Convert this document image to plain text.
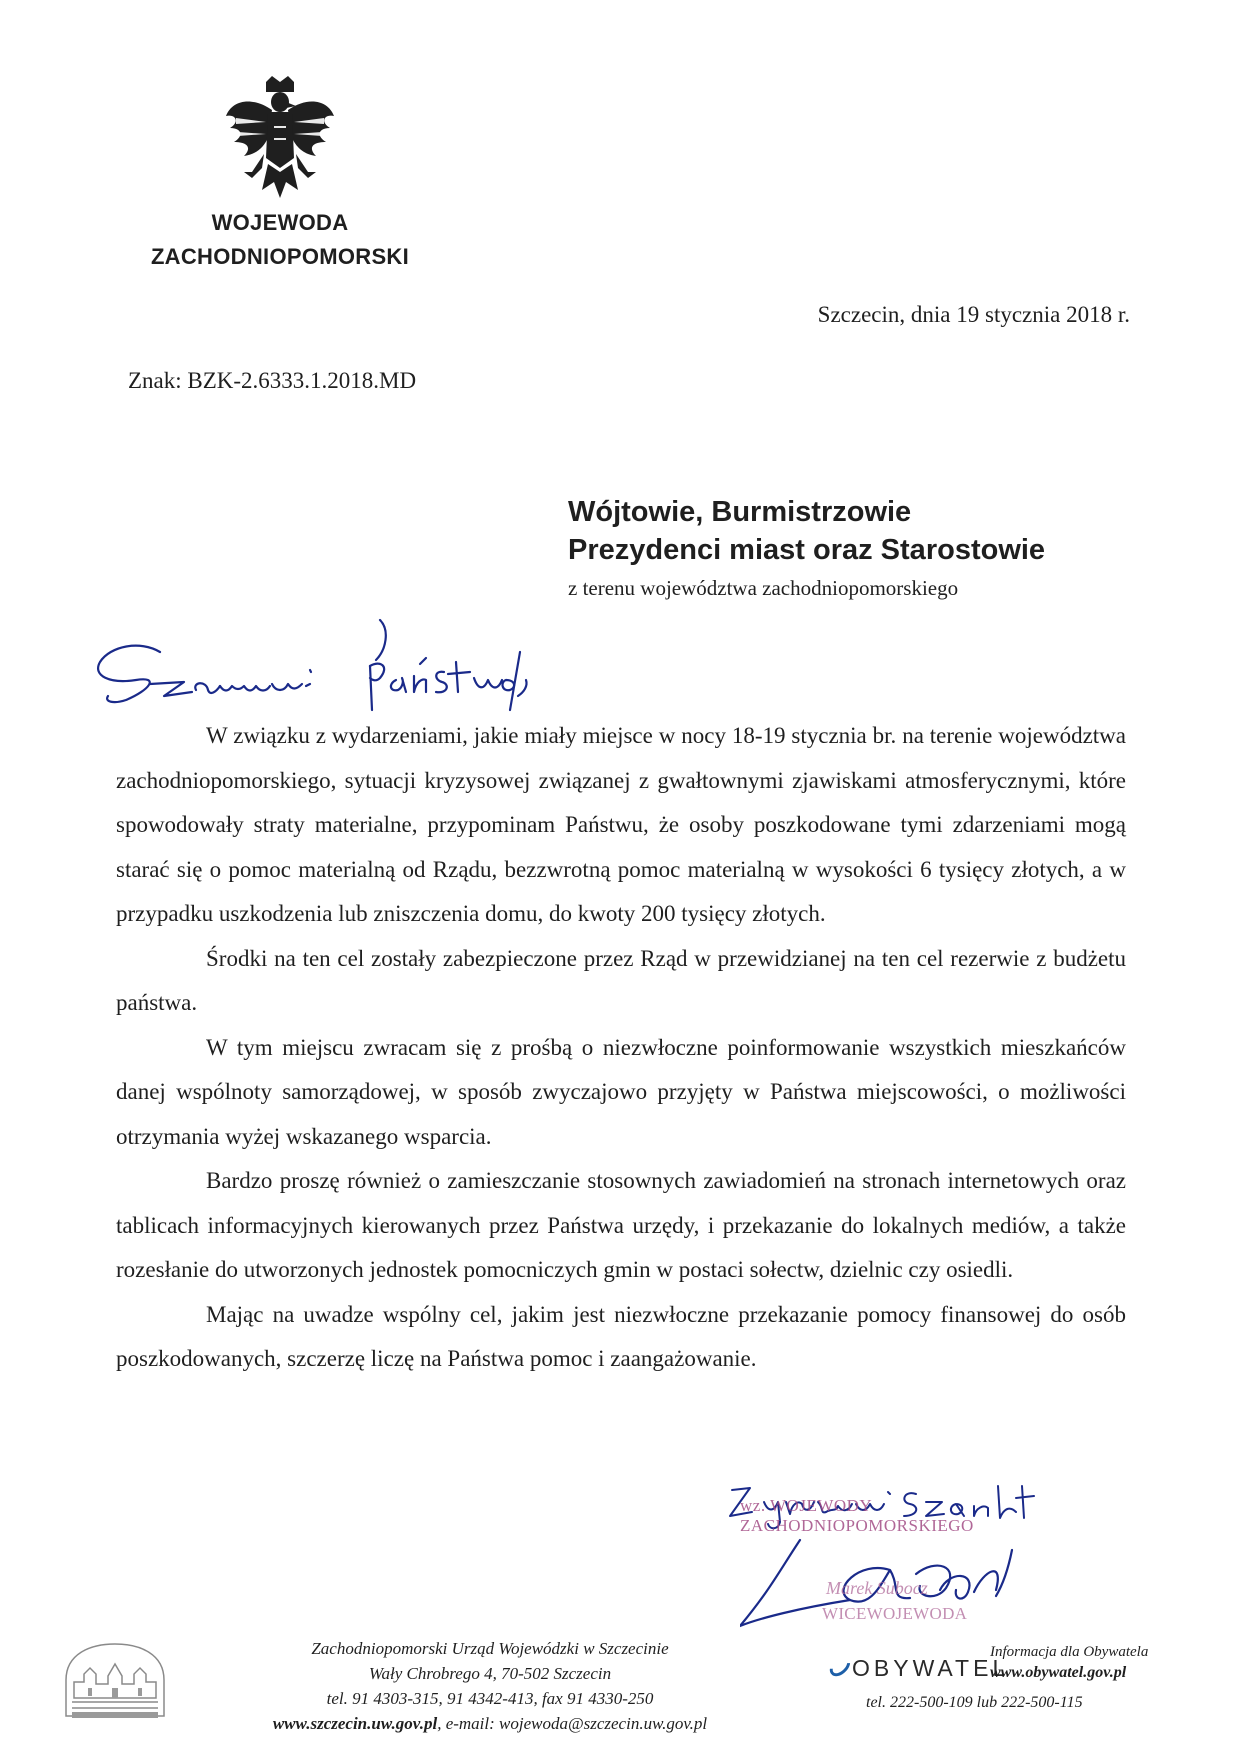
WOJEWODA
ZACHODNIOPOMORSKI
Szczecin, dnia 19 stycznia 2018 r.
Znak: BZK-2.6333.1.2018.MD
Wójtowie, Burmistrzowie
Prezydenci miast oraz Starostowie
z terenu województwa zachodniopomorskiego

W związku z wydarzeniami, jakie miały miejsce w nocy 18-19 stycznia br. na terenie województwa zachodniopomorskiego, sytuacji kryzysowej związanej z gwałtownymi zjawiskami atmosferycznymi, które spowodowały straty materialne, przypominam Państwu, że osoby poszkodowane tymi zdarzeniami mogą starać się o pomoc materialną od Rządu, bezzwrotną pomoc materialną w wysokości 6 tysięcy złotych, a w przypadku uszkodzenia lub zniszczenia domu, do kwoty 200 tysięcy złotych.

Środki na ten cel zostały zabezpieczone przez Rząd w przewidzianej na ten cel rezerwie z budżetu państwa.

W tym miejscu zwracam się z prośbą o niezwłoczne poinformowanie wszystkich mieszkańców danej wspólnoty samorządowej, w sposób zwyczajowo przyjęty w Państwa miejscowości, o możliwości otrzymania wyżej wskazanego wsparcia.

Bardzo proszę również o zamieszczanie stosownych zawiadomień na stronach internetowych oraz tablicach informacyjnych kierowanych przez Państwa urzędy, i przekazanie do lokalnych mediów, a także rozesłanie do utworzonych jednostek pomocniczych gmin w postaci sołectw, dzielnic czy osiedli.

Mając na uwadze wspólny cel, jakim jest niezwłoczne przekazanie pomocy finansowej do osób poszkodowanych, szczerzę liczę na Państwa pomoc i zaangażowanie.

wz. WOJEWODY ZACHODNIOPOMORSKIEGO
Marek Subocz
WICEWOJEWODA
Zachodniopomorski Urząd Wojewódzki w Szczecinie
Wały Chrobrego 4, 70-502 Szczecin
tel. 91 4303-315, 91 4342-413, fax 91 4330-250
www.szczecin.uw.gov.pl, e-mail: wojewoda@szczecin.uw.gov.pl
OBYWATEL
Informacja dla Obywatela
www.obywatel.gov.pl
tel. 222-500-109 lub 222-500-115
